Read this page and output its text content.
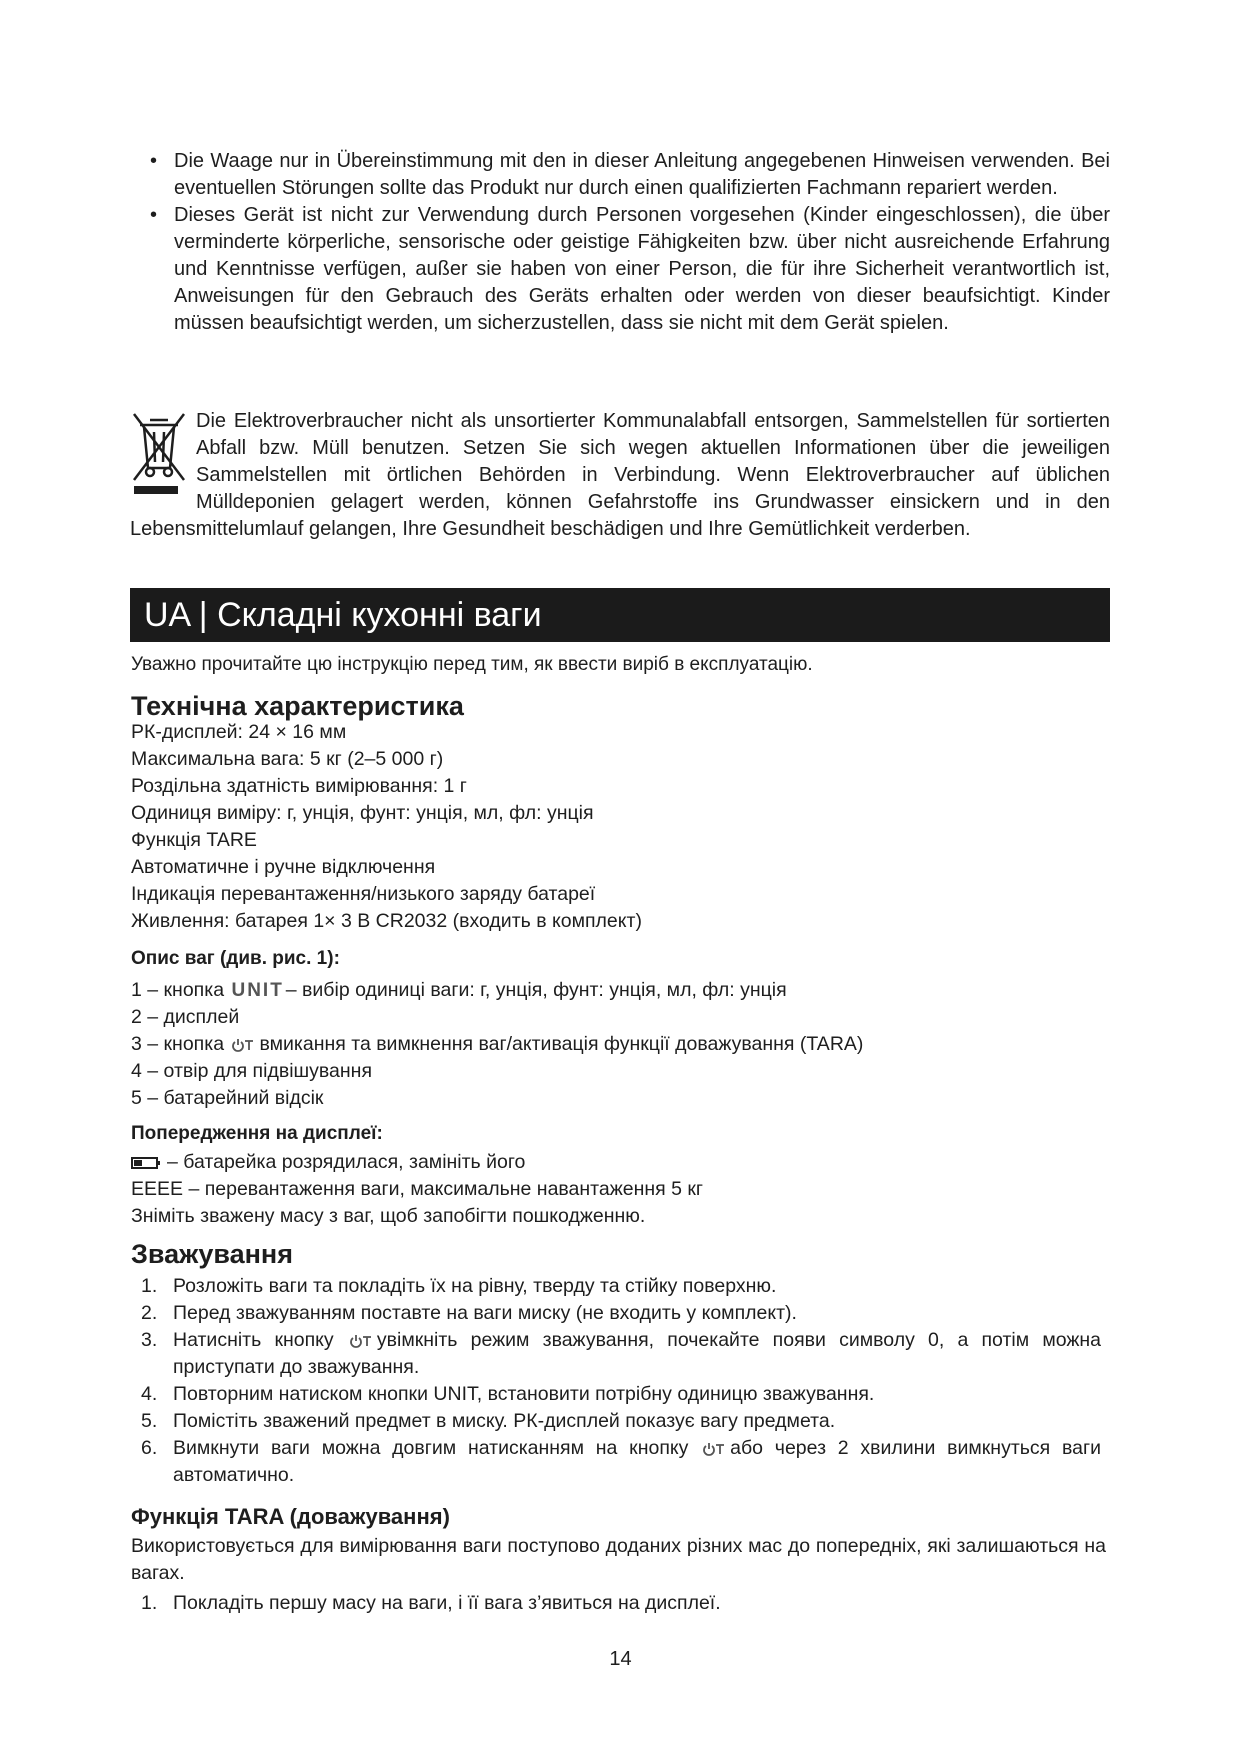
• Die Waage nur in Übereinstimmung mit den in dieser Anleitung angegebenen Hinweisen verwenden. Bei eventuellen Störungen sollte das Produkt nur durch einen qualifizierten Fachmann repariert werden.
• Dieses Gerät ist nicht zur Verwendung durch Personen vorgesehen (Kinder eingeschlossen), die über verminderte körperliche, sensorische oder geistige Fähigkeiten bzw. über nicht ausreichende Erfahrung und Kenntnisse verfügen, außer sie haben von einer Person, die für ihre Sicherheit verantwortlich ist, Anweisungen für den Gebrauch des Geräts erhalten oder werden von dieser beaufsichtigt. Kinder müssen beaufsichtigt werden, um sicherzustellen, dass sie nicht mit dem Gerät spielen.

Die Elektroverbraucher nicht als unsortierter Kommunalabfall entsorgen, Sammelstellen für sortierten Abfall bzw. Müll benutzen. Setzen Sie sich wegen aktuellen Informationen über die jeweiligen Sammelstellen mit örtlichen Behörden in Verbindung. Wenn Elektroverbraucher auf üblichen Mülldeponien gelagert werden, können Gefahrstoffe ins Grundwasser einsickern und in den Lebensmittelumlauf gelangen, Ihre Gesundheit beschädigen und Ihre Gemütlichkeit verderben.

UA | Складні кухонні ваги

Уважно прочитайте цю інструкцію перед тим, як ввести виріб в експлуатацію.

Технічна характеристика
РК-дисплей: 24 × 16 мм
Максимальна вага: 5 кг (2–5 000 г)
Роздільна здатність вимірювання: 1 г
Одиниця виміру: г, унція, фунт: унція, мл, фл: унція
Функція TARE
Автоматичне і ручне відключення
Індикація перевантаження/низького заряду батареї
Живлення: батарея 1× 3 В CR2032 (входить в комплект)
Опис ваг (див. рис. 1):
1 – кнопка UNIT – вибір одиниці ваги: г, унція, фунт: унція, мл, фл: унція
2 – дисплей
3 – кнопка вмикання та вимкнення ваг/активація функції доважування (TARA)
4 – отвір для підвішування
5 – батарейний відсік
Попередження на дисплеї:
– батарейка розрядилася, замініть його
EEEE – перевантаження ваги, максимальне навантаження 5 кг
Зніміть зважену масу з ваг, щоб запобігти пошкодженню.
Зважування
1. Розложіть ваги та покладіть їх на рівну, тверду та стійку поверхню.
2. Перед зважуванням поставте на ваги миску (не входить у комплект).
3. Натисніть кнопку увімкніть режим зважування, почекайте появи символу 0, а потім можна приступати до зважування.
4. Повторним натиском кнопки UNIT, встановити потрібну одиницю зважування.
5. Помістіть зважений предмет в миску. РК-дисплей показує вагу предмета.
6. Вимкнути ваги можна довгим натисканням на кнопку або через 2 хвилини вимкнуться ваги автоматично.
Функція TARA (доважування)

Використовується для вимірювання ваги поступово доданих різних мас до попередніх, які залишаються на вагах.

1. Покладіть першу масу на ваги, і її вага з’явиться на дисплеї.
14
